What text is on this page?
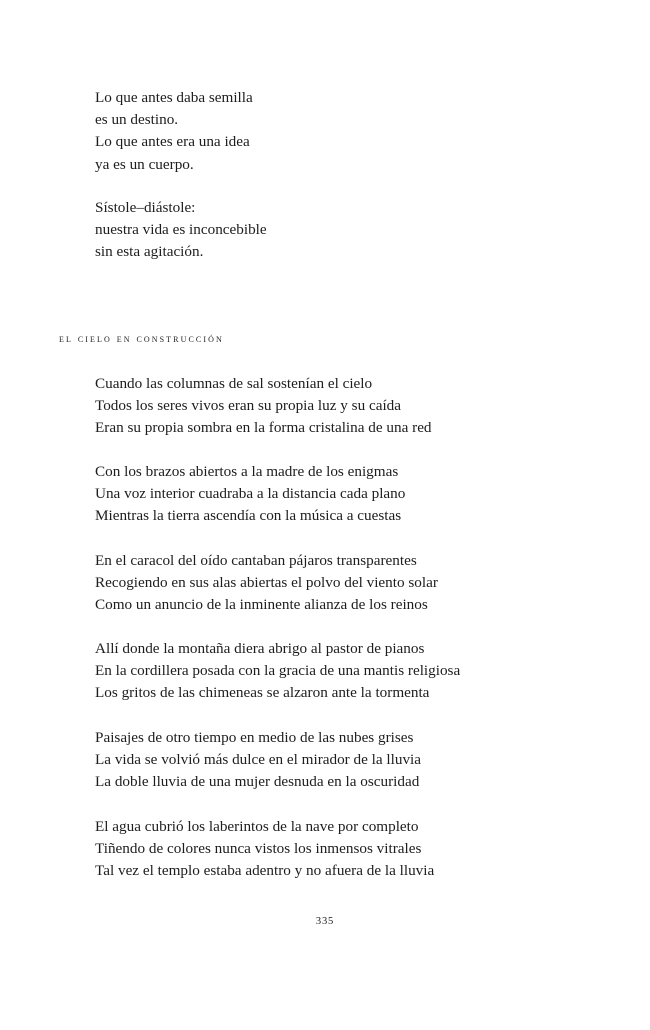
Lo que antes daba semilla
es un destino.
Lo que antes era una idea
ya es un cuerpo.
Sístole–diástole:
nuestra vida es inconcebible
sin esta agitación.
el cielo en construcción
Cuando las columnas de sal sostenían el cielo
Todos los seres vivos eran su propia luz y su caída
Eran su propia sombra en la forma cristalina de una red
Con los brazos abiertos a la madre de los enigmas
Una voz interior cuadraba a la distancia cada plano
Mientras la tierra ascendía con la música a cuestas
En el caracol del oído cantaban pájaros transparentes
Recogiendo en sus alas abiertas el polvo del viento solar
Como un anuncio de la inminente alianza de los reinos
Allí donde la montaña diera abrigo al pastor de pianos
En la cordillera posada con la gracia de una mantis religiosa
Los gritos de las chimeneas se alzaron ante la tormenta
Paisajes de otro tiempo en medio de las nubes grises
La vida se volvió más dulce en el mirador de la lluvia
La doble lluvia de una mujer desnuda en la oscuridad
El agua cubrió los laberintos de la nave por completo
Tiñendo de colores nunca vistos los inmensos vitrales
Tal vez el templo estaba adentro y no afuera de la lluvia
335
